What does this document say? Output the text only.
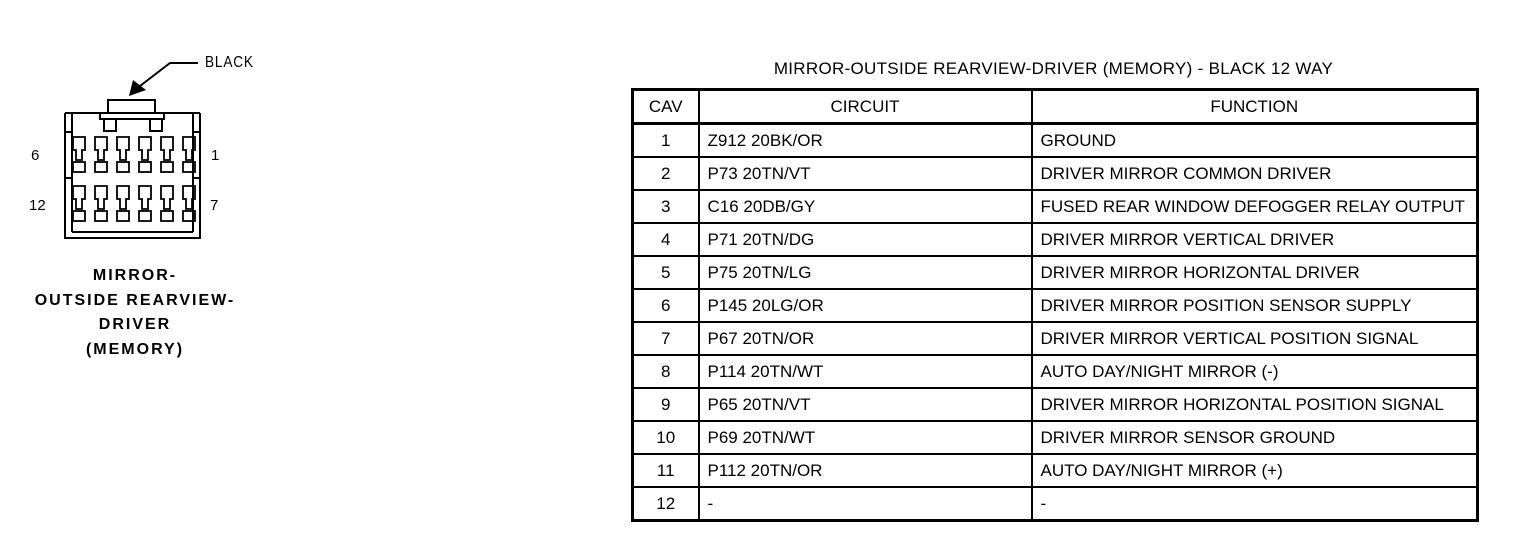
6	1
12	7
BLACK
MIRROR-
OUTSIDE REARVIEW-
DRIVER
(MEMORY)
MIRROR-OUTSIDE REARVIEW-DRIVER (MEMORY) - BLACK 12 WAY
CAV	CIRCUIT	FUNCTION
1	Z912 20BK/OR	GROUND
2	P73 20TN/VT	DRIVER MIRROR COMMON DRIVER
3	C16 20DB/GY	FUSED REAR WINDOW DEFOGGER RELAY OUTPUT
4	P71 20TN/DG	DRIVER MIRROR VERTICAL DRIVER
5	P75 20TN/LG	DRIVER MIRROR HORIZONTAL DRIVER
6	P145 20LG/OR	DRIVER MIRROR POSITION SENSOR SUPPLY
7	P67 20TN/OR	DRIVER MIRROR VERTICAL POSITION SIGNAL
8	P114 20TN/WT	AUTO DAY/NIGHT MIRROR (-)
9	P65 20TN/VT	DRIVER MIRROR HORIZONTAL POSITION SIGNAL
10	P69 20TN/WT	DRIVER MIRROR SENSOR GROUND
11	P112 20TN/OR	AUTO DAY/NIGHT MIRROR (+)
12	-	-
